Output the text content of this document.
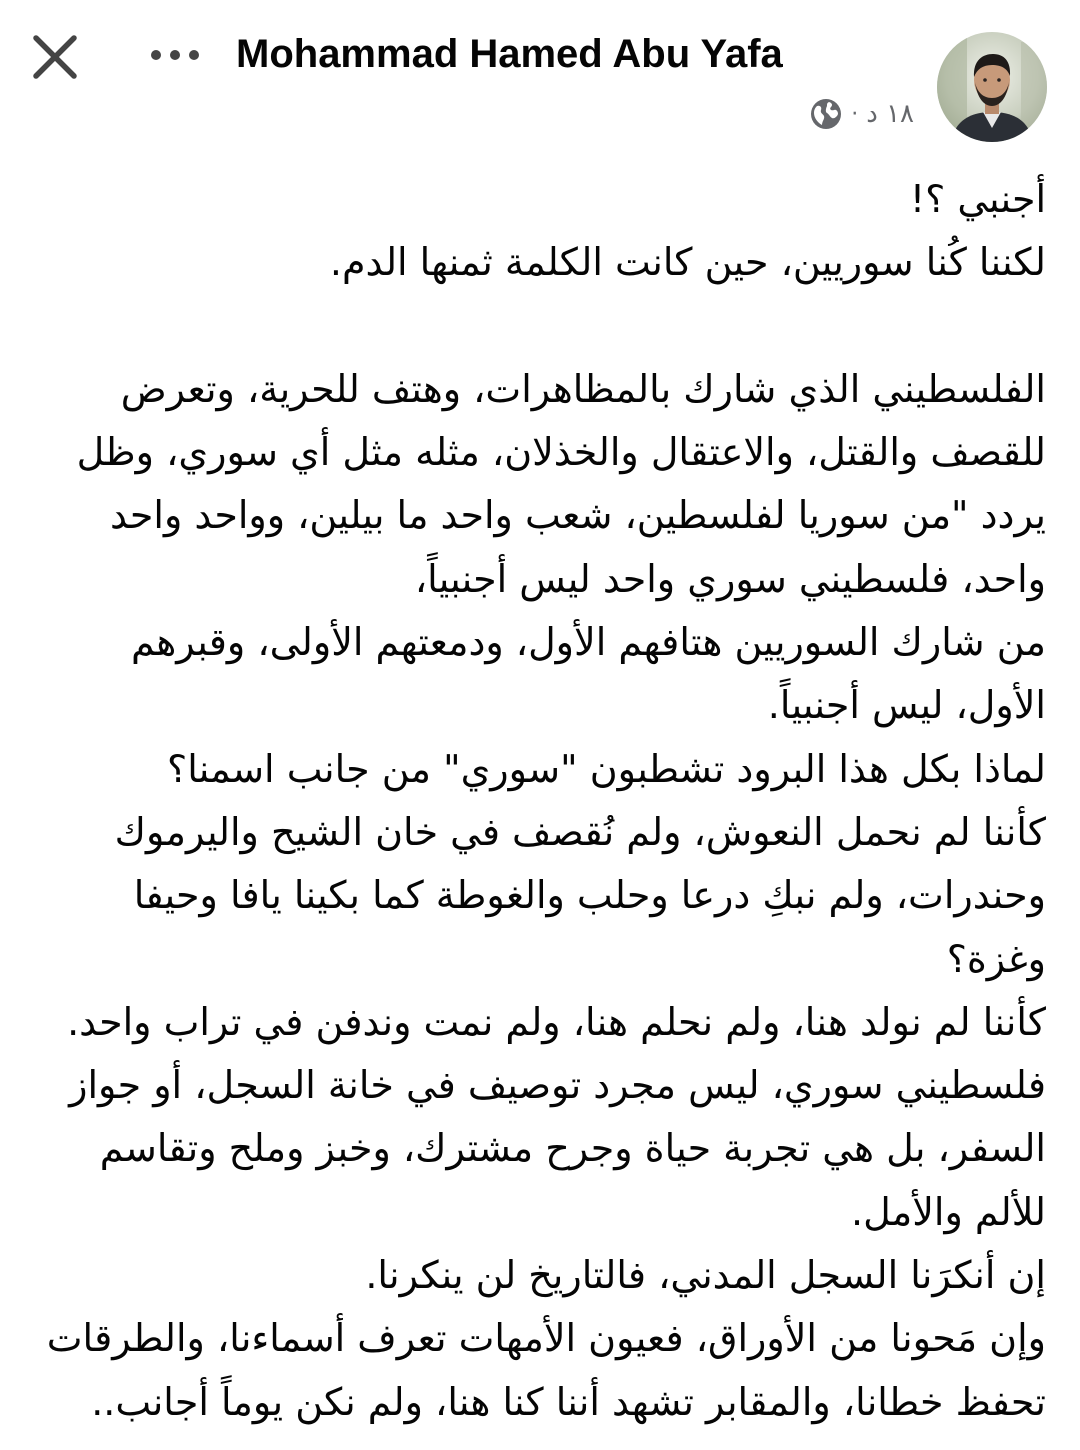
Mohammad Hamed Abu Yafa
· ١٨ د

أجنبي ؟!

لكننا كُنا سوريين، حين كانت الكلمة ثمنها الدم.

الفلسطيني الذي شارك بالمظاهرات، وهتف للحرية، وتعرض للقصف والقتل، والاعتقال والخذلان، مثله مثل أي سوري، وظل يردد "من سوريا لفلسطين، شعب واحد ما بيلين، وواحد واحد واحد، فلسطيني سوري واحد ليس أجنبياً،

من شارك السوريين هتافهم الأول، ودمعتهم الأولى، وقبرهم الأول، ليس أجنبياً.

لماذا بكل هذا البرود تشطبون "سوري" من جانب اسمنا؟

كأننا لم نحمل النعوش، ولم نُقصف في خان الشيح واليرموك وحندرات، ولم نبكِ درعا وحلب والغوطة كما بكينا يافا وحيفا وغزة؟

كأننا لم نولد هنا، ولم نحلم هنا، ولم نمت وندفن في تراب واحد.

فلسطيني سوري، ليس مجرد توصيف في خانة السجل، أو جواز السفر، بل هي تجربة حياة وجرح مشترك، وخبز وملح وتقاسم للألم والأمل.

إن أنكرَنا السجل المدني، فالتاريخ لن ينكرنا.

وإن مَحونا من الأوراق، فعيون الأمهات تعرف أسماءنا، والطرقات تحفظ خطانا، والمقابر تشهد أننا كنا هنا، ولم نكن يوماً أجانب..
